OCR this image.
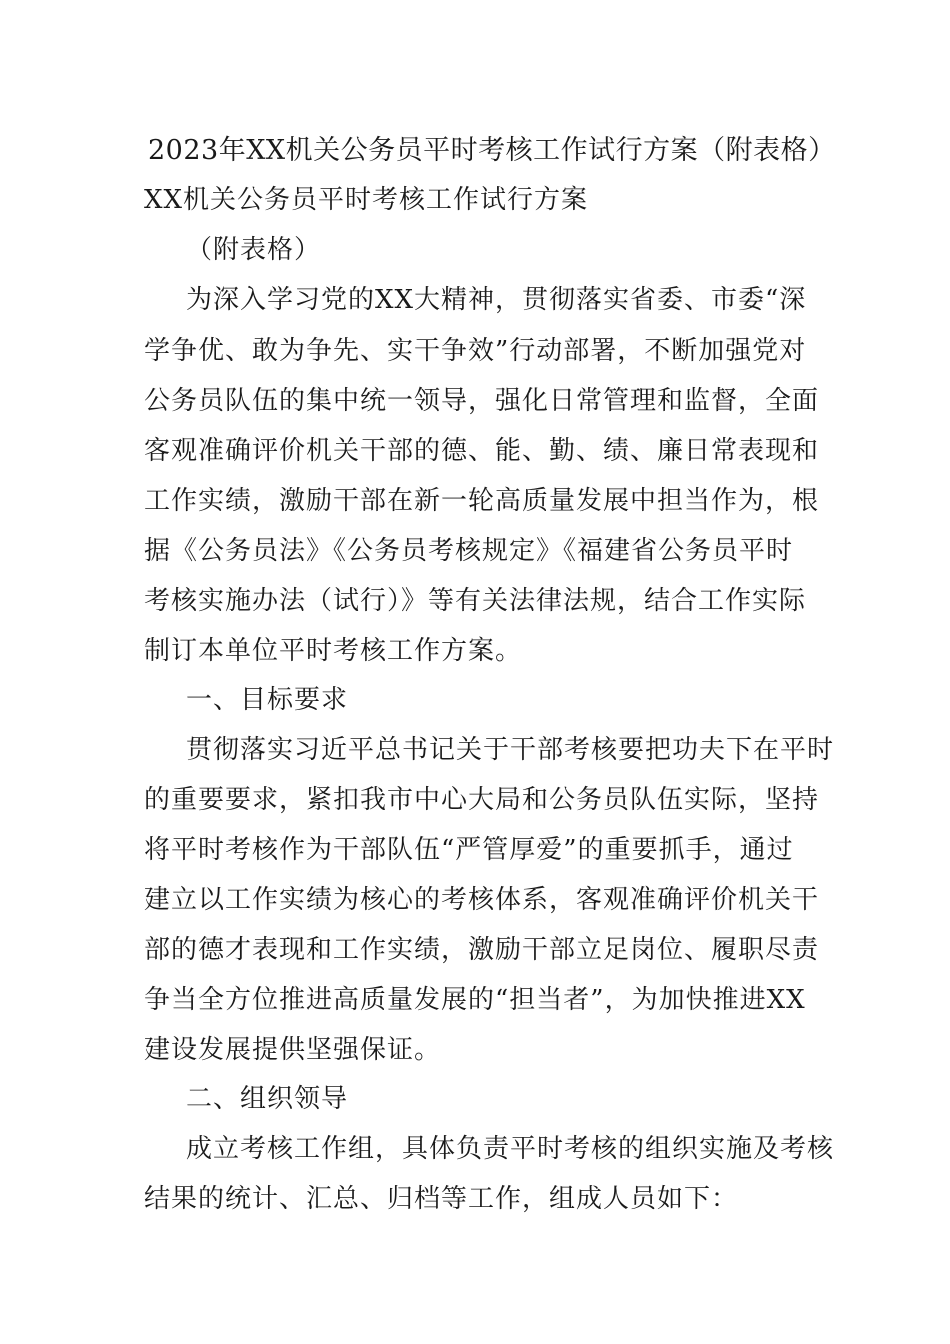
2023年XX机关公务员平时考核工作试行方案（附表格）
XX机关公务员平时考核工作试行方案
（附表格）
为深入学习党的XX大精神，贯彻落实省委、市委“深
学争优、敢为争先、实干争效”行动部署，不断加强党对
公务员队伍的集中统一领导，强化日常管理和监督，全面
客观准确评价机关干部的德、能、勤、绩、廉日常表现和
工作实绩，激励干部在新一轮高质量发展中担当作为，根
据《公务员法》《公务员考核规定》《福建省公务员平时
考核实施办法（试行）》等有关法律法规，结合工作实际
制订本单位平时考核工作方案。
一、目标要求
贯彻落实习近平总书记关于干部考核要把功夫下在平时
的重要要求，紧扣我市中心大局和公务员队伍实际，坚持
将平时考核作为干部队伍“严管厚爱”的重要抓手，通过
建立以工作实绩为核心的考核体系，客观准确评价机关干
部的德才表现和工作实绩，激励干部立足岗位、履职尽责
争当全方位推进高质量发展的“担当者”，为加快推进XX
建设发展提供坚强保证。
二、组织领导
成立考核工作组，具体负责平时考核的组织实施及考核
结果的统计、汇总、归档等工作，组成人员如下：
